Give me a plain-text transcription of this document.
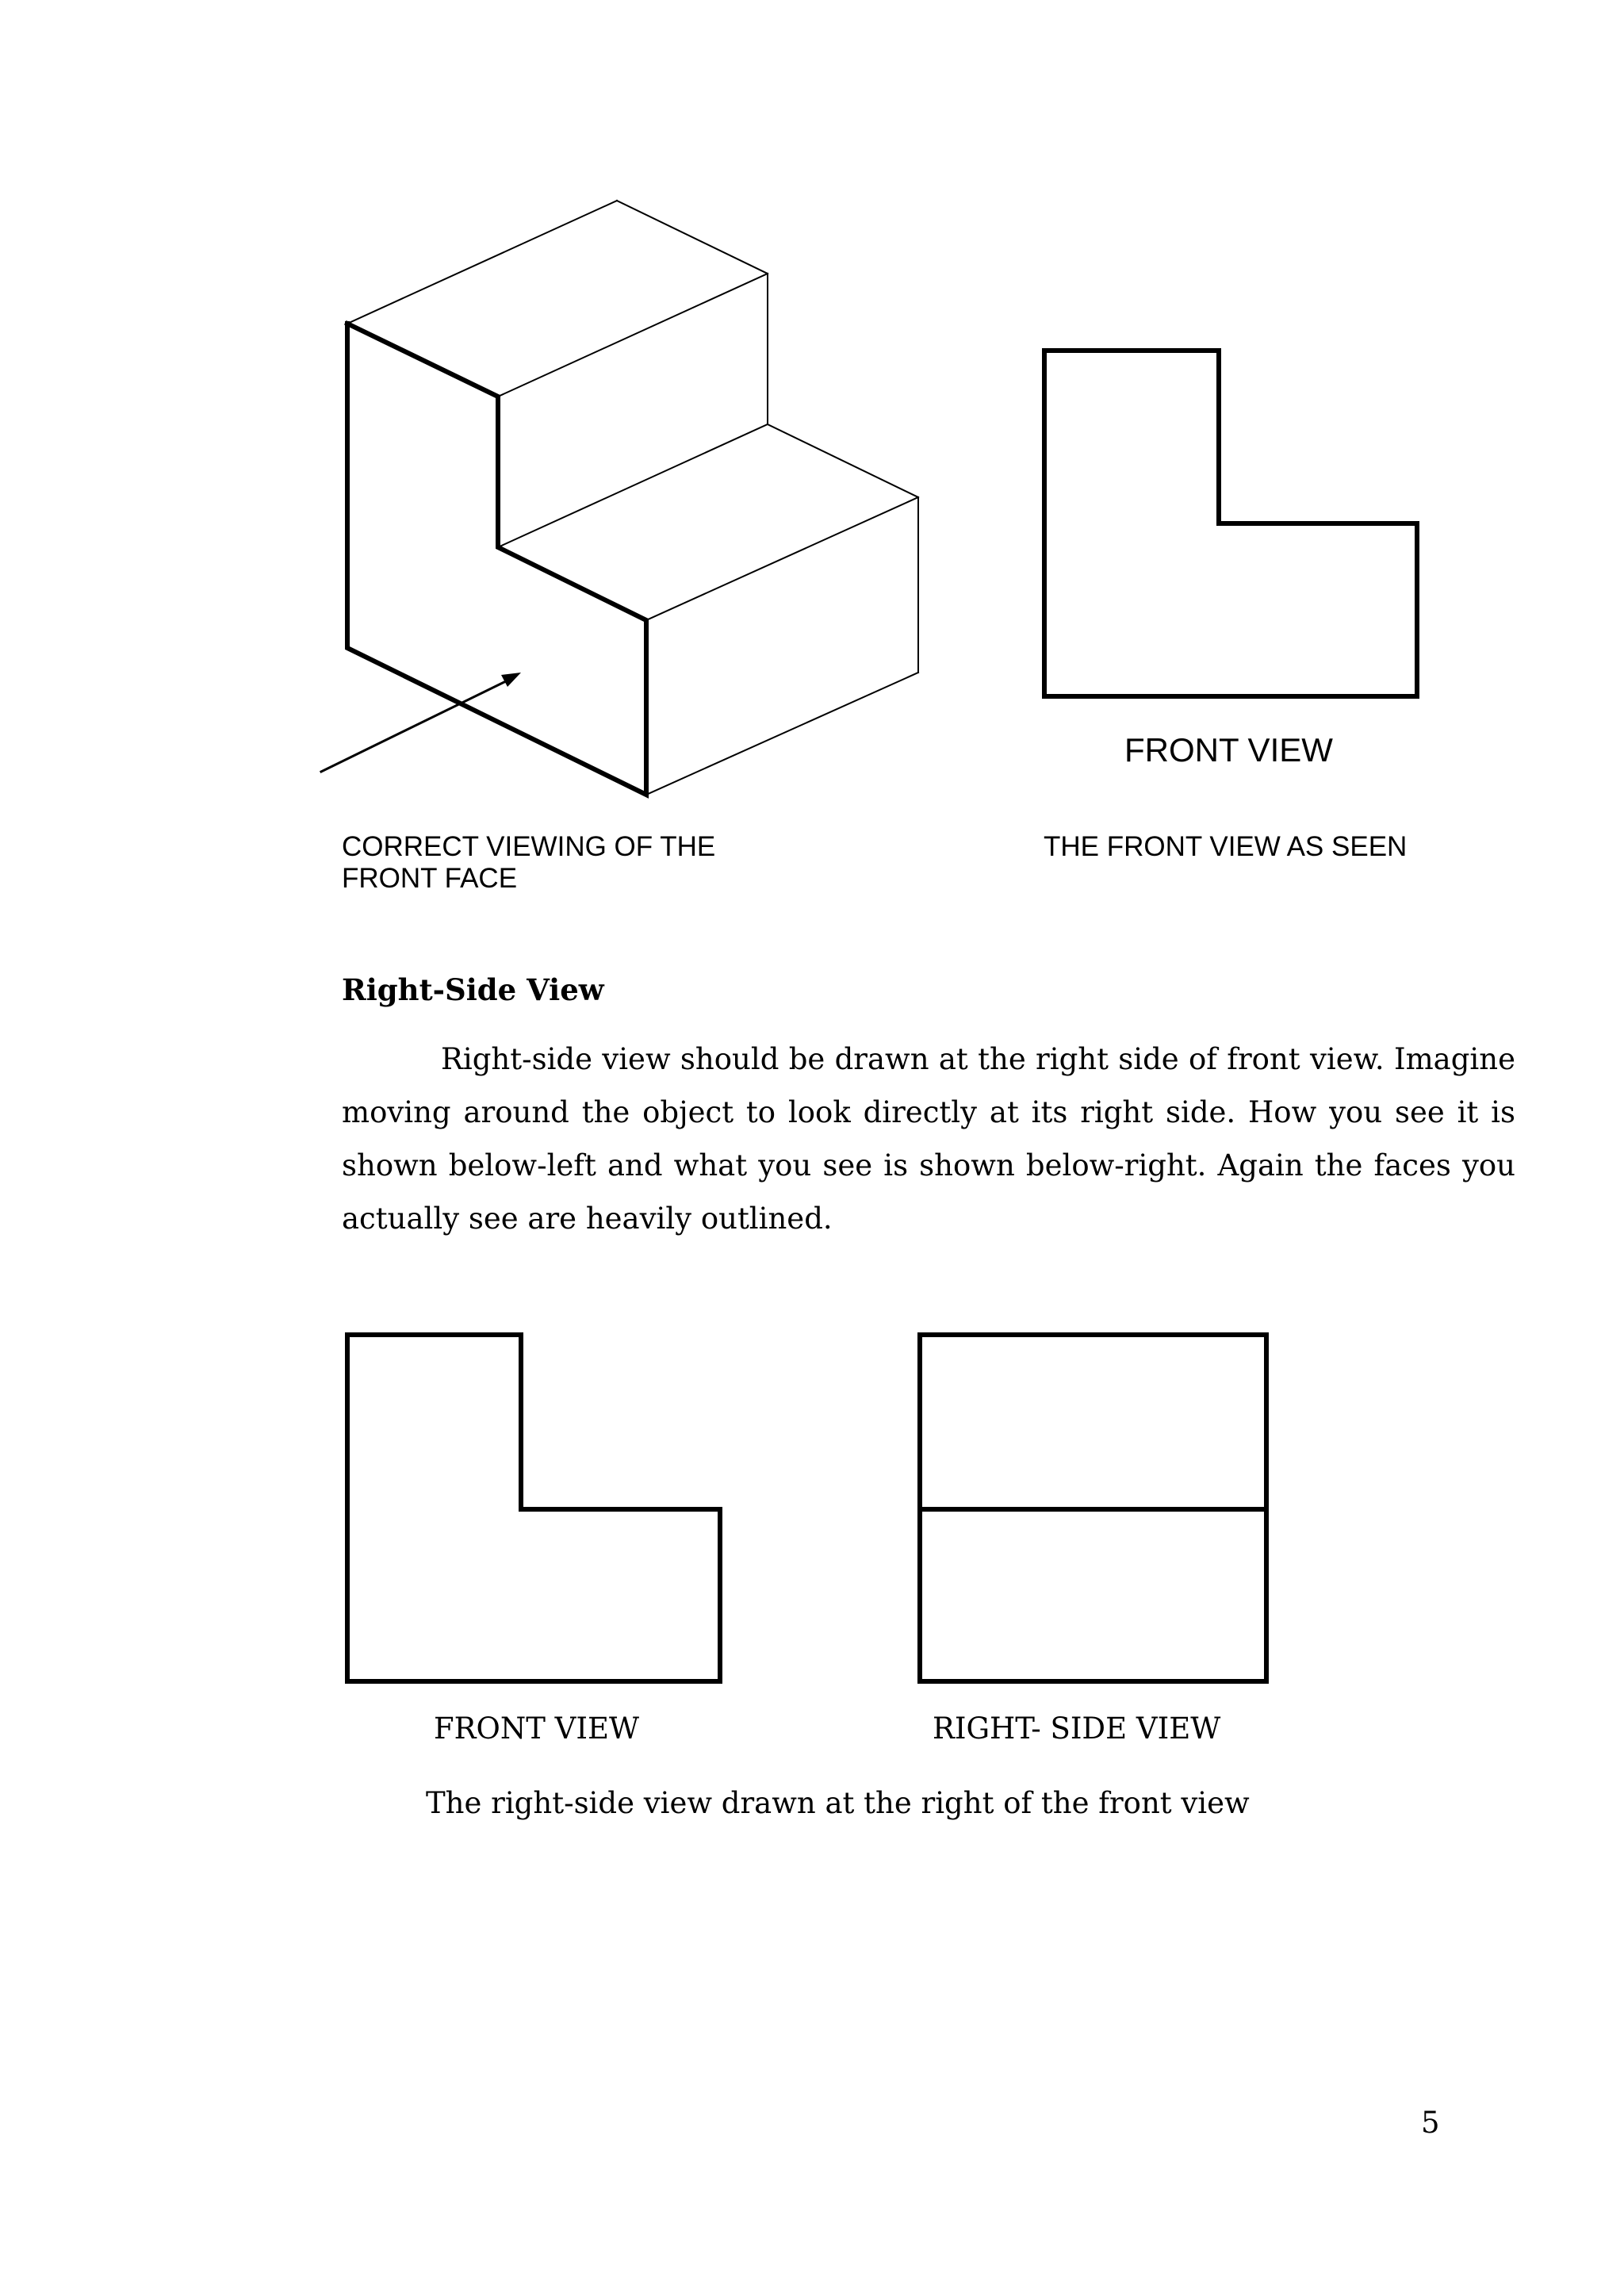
CORRECT VIEWING OF THE FRONT FACE
FRONT VIEW
THE FRONT VIEW AS SEEN
Right-Side View

Right-side view should be drawn at the right side of front view. Imagine moving around the object to look directly at its right side. How you see it is shown below-left and what you see is shown below-right. Again the faces you actually see are heavily outlined.

FRONT VIEW	RIGHT- SIDE VIEW
The right-side view drawn at the right of the front view
5
